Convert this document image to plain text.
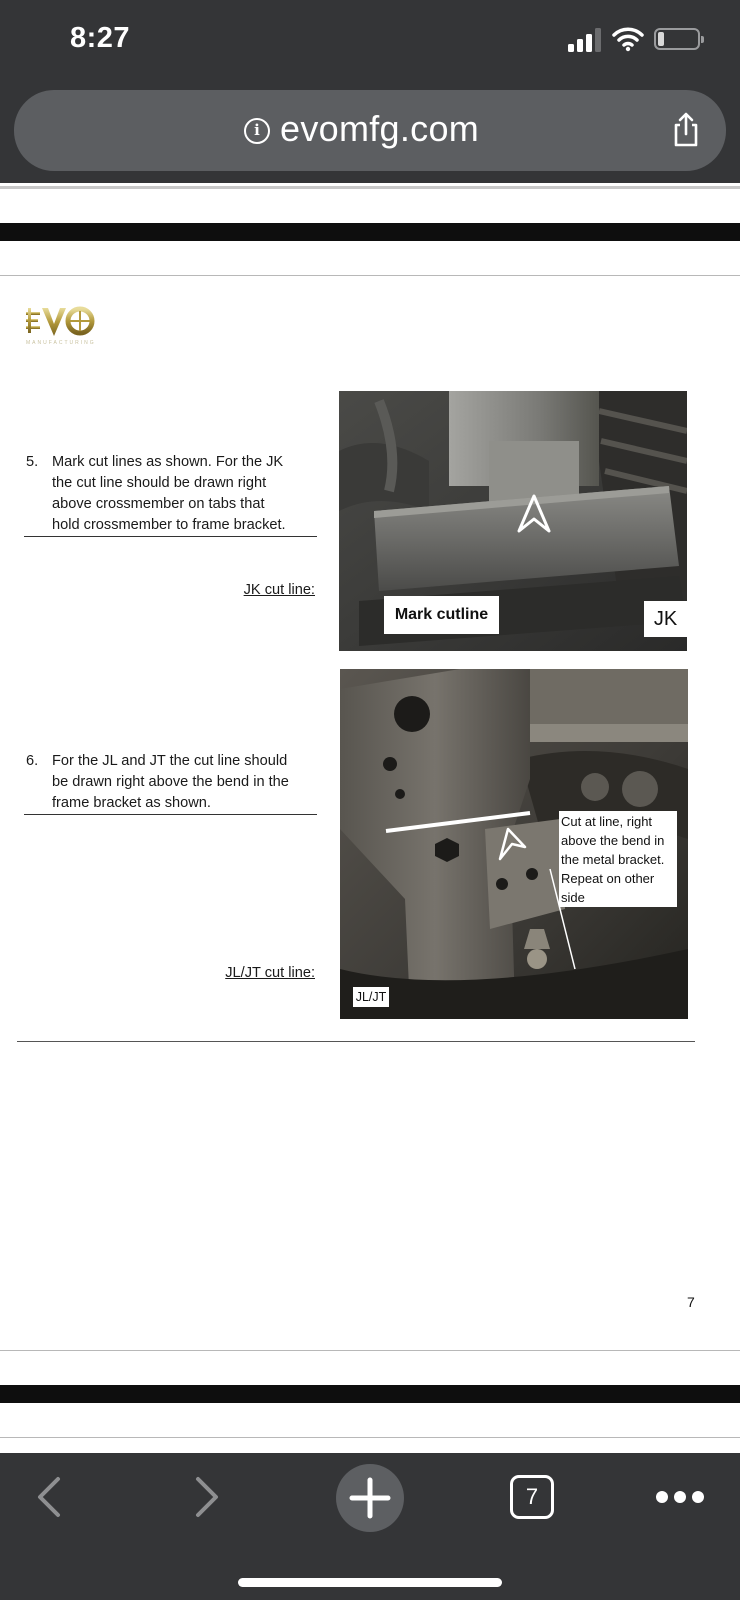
8:27
i evomfg.com
MANUFACTURING
5. Mark cut lines as shown. For the JK
the cut line should be drawn right
above crossmember on tabs that
hold crossmember to frame bracket.
JK cut line:
Mark cutline	JK
6. For the JL and JT the cut line should
be drawn right above the bend in the
frame bracket as shown.
JL/JT cut line:
Cut at line, right
above the bend in
the metal bracket.
Repeat on other
side
JL/JT
7
7
